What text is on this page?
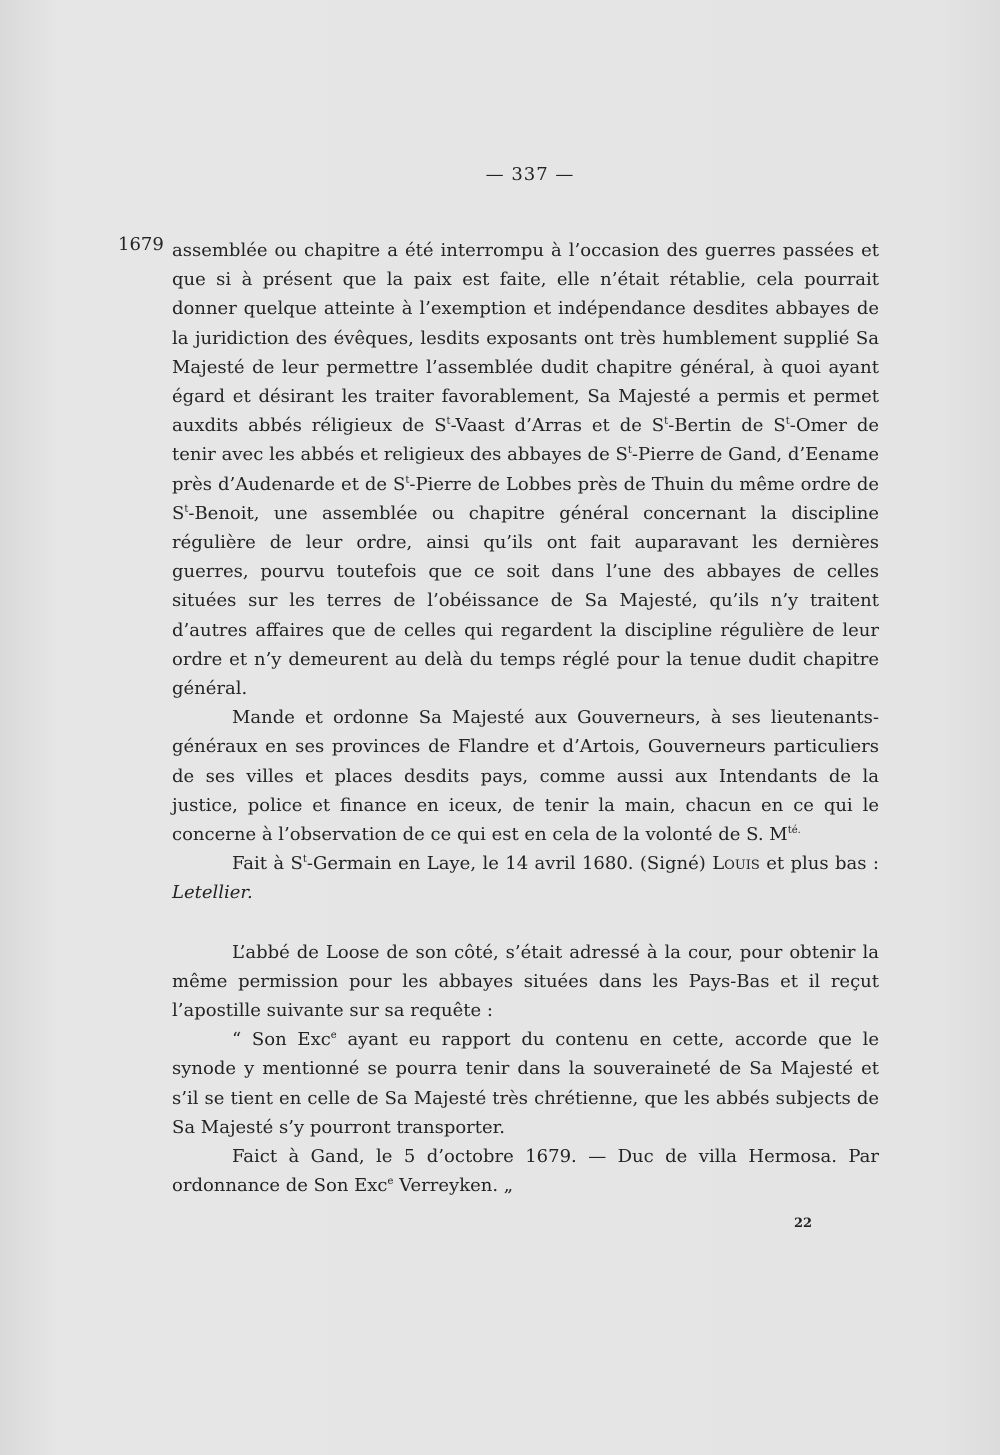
— 337 —
1679 assemblée ou chapitre a été interrompu à l’occasion des guerres passées et que si à présent que la paix est faite, elle n’était rétablie, cela pourrait donner quelque atteinte à l’exemption et indépendance desdites abbayes de la juridiction des évêques, lesdits exposants ont très humblement supplié Sa Majesté de leur permettre l’assemblée dudit chapitre général, à quoi ayant égard et désirant les traiter favorablement, Sa Majesté a permis et permet auxdits abbés réligieux de $S^t$-Vaast d’Arras et de $S^t$-Bertin de $S^t$-Omer de tenir avec les abbés et religieux des abbayes de $S^t$-Pierre de Gand, d’Eename près d’Audenarde et de $S^t$-Pierre de Lobbes près de Thuin du même ordre de $S^t$-Benoit, une assemblée ou chapitre général concernant la discipline régulière de leur ordre, ainsi qu’ils ont fait auparavant les dernières guerres, pourvu toutefois que ce soit dans l’une des abbayes de celles situées sur les terres de l’obéissance de Sa Majesté, qu’ils n’y traitent d’autres affaires que de celles qui regardent la discipline régulière de leur ordre et n’y demeurent au delà du temps réglé pour la tenue dudit chapitre général.

Mande et ordonne Sa Majesté aux Gouverneurs, à ses lieutenants-généraux en ses provinces de Flandre et d’Artois, Gouverneurs particuliers de ses villes et places desdits pays, comme aussi aux Intendants de la justice, police et finance en iceux, de tenir la main, chacun en ce qui le concerne à l’observation de ce qui est en cela de la volonté de S. $M^{té.}$

Fait à $S^t$-Germain en Laye, le 14 avril 1680. (Signé) Louis et plus bas : Letellier.

L’abbé de Loose de son côté, s’était adressé à la cour, pour obtenir la même permission pour les abbayes situées dans les Pays-Bas et il reçut l’apostille suivante sur sa requête :

“ Son Exc$^e$ ayant eu rapport du contenu en cette, accorde que le synode y mentionné se pourra tenir dans la souveraineté de Sa Majesté et s’il se tient en celle de Sa Majesté très chrétienne, que les abbés subjects de Sa Majesté s’y pourront transporter.

Faict à Gand, le 5 d’octobre 1679. — Duc de villa Hermosa. Par ordonnance de Son Exc$^e$ Verreyken. „

22
